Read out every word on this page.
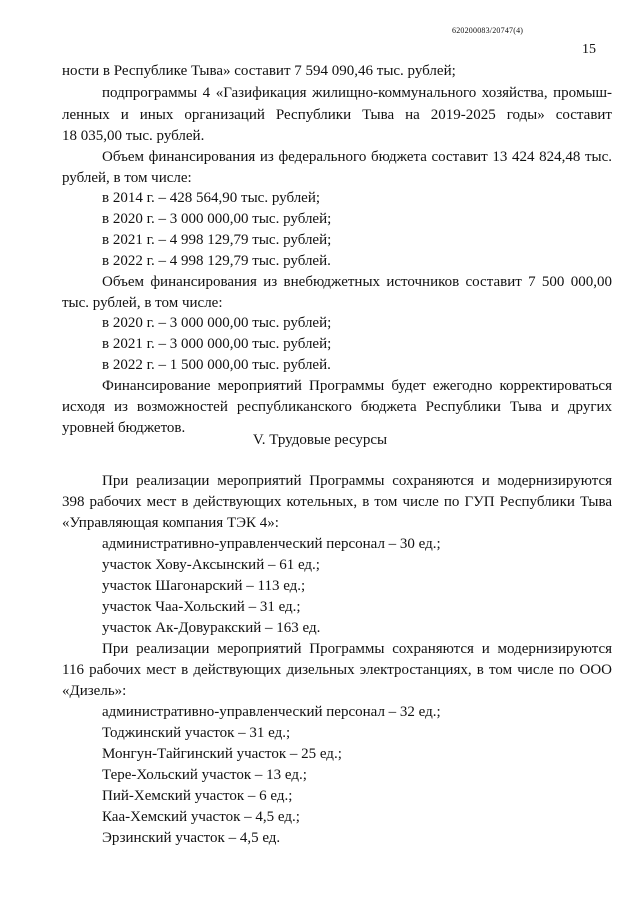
620200083/20747(4)
15
ности в Республике Тыва» составит 7 594 090,46 тыс. рублей;
подпрограммы 4 «Газификация жилищно-коммунального хозяйства, промыш-
ленных и иных организаций Республики Тыва на 2019-2025 годы» составит
18 035,00 тыс. рублей.
Объем финансирования из федерального бюджета составит 13 424 824,48 тыс.
рублей, в том числе:
в 2014 г. – 428 564,90 тыс. рублей;
в 2020 г. – 3 000 000,00 тыс. рублей;
в 2021 г. – 4 998 129,79 тыс. рублей;
в 2022 г. – 4 998 129,79 тыс. рублей.
Объем финансирования из внебюджетных источников составит 7 500 000,00
тыс. рублей, в том числе:
в 2020 г. – 3 000 000,00 тыс. рублей;
в 2021 г. – 3 000 000,00 тыс. рублей;
в 2022 г. – 1 500 000,00 тыс. рублей.
Финансирование мероприятий Программы будет ежегодно корректироваться
исходя из возможностей республиканского бюджета Республики Тыва и других
уровней бюджетов.
V. Трудовые ресурсы
При реализации мероприятий Программы сохраняются и модернизируются
398 рабочих мест в действующих котельных, в том числе по ГУП Республики Тыва
«Управляющая компания ТЭК 4»:
административно-управленческий персонал – 30 ед.;
участок Хову-Аксынский – 61 ед.;
участок Шагонарский – 113 ед.;
участок Чаа-Хольский – 31 ед.;
участок Ак-Довуракский – 163 ед.
При реализации мероприятий Программы сохраняются и модернизируются
116 рабочих мест в действующих дизельных электростанциях, в том числе по ООО
«Дизель»:
административно-управленческий персонал – 32 ед.;
Тоджинский участок – 31 ед.;
Монгун-Тайгинский участок – 25 ед.;
Тере-Хольский участок – 13 ед.;
Пий-Хемский участок – 6 ед.;
Каа-Хемский участок – 4,5 ед.;
Эрзинский участок – 4,5 ед.
